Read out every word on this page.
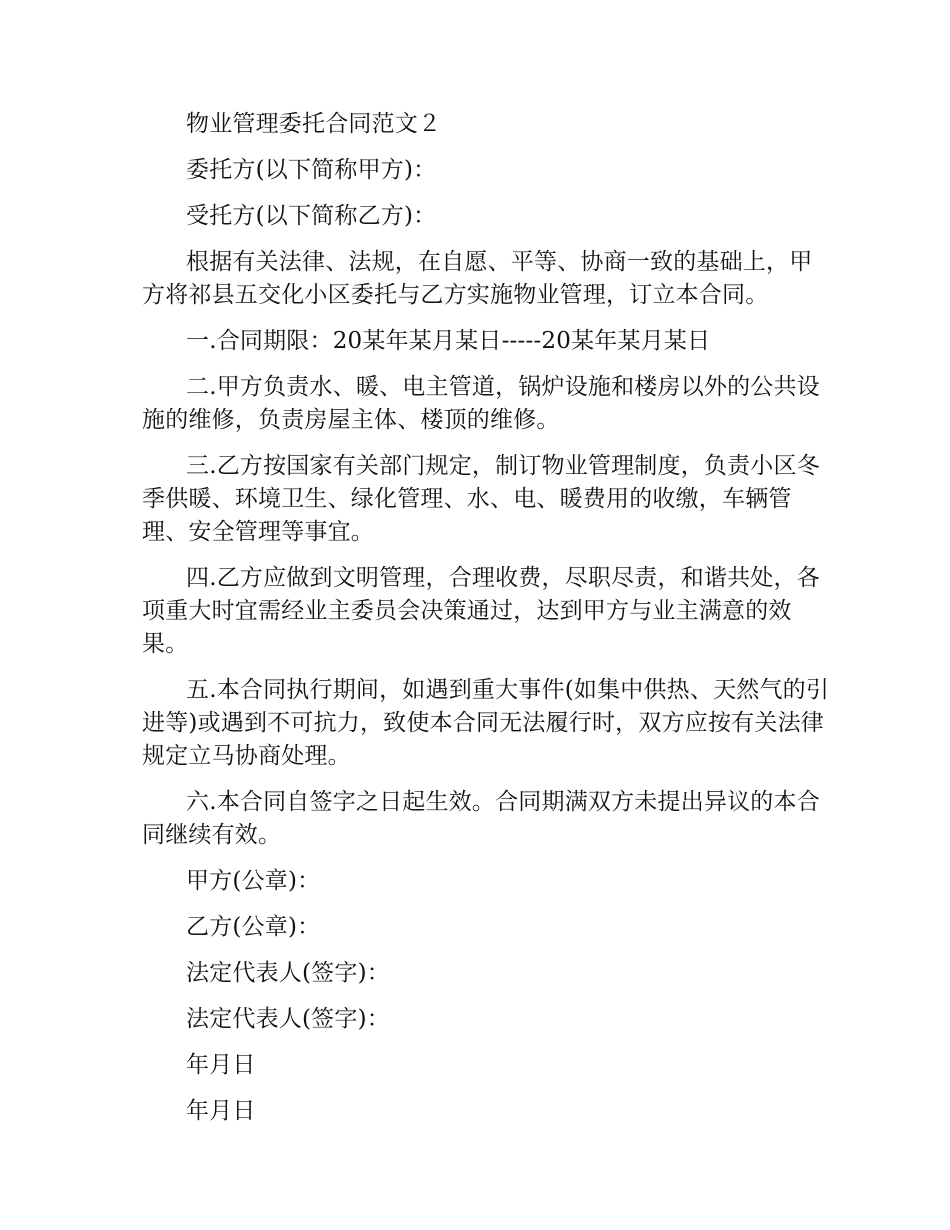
物业管理委托合同范文２

委托方(以下简称甲方)：

受托方(以下简称乙方)：

根据有关法律、法规，在自愿、平等、协商一致的基础上，甲方将祁县五交化小区委托与乙方实施物业管理，订立本合同。

一.合同期限：20某年某月某日-----20某年某月某日

二.甲方负责水、暖、电主管道，锅炉设施和楼房以外的公共设施的维修，负责房屋主体、楼顶的维修。

三.乙方按国家有关部门规定，制订物业管理制度，负责小区冬季供暖、环境卫生、绿化管理、水、电、暖费用的收缴，车辆管理、安全管理等事宜。

四.乙方应做到文明管理，合理收费，尽职尽责，和谐共处，各项重大时宜需经业主委员会决策通过，达到甲方与业主满意的效果。

五.本合同执行期间，如遇到重大事件(如集中供热、天然气的引进等)或遇到不可抗力，致使本合同无法履行时，双方应按有关法律规定立马协商处理。

六.本合同自签字之日起生效。合同期满双方未提出异议的本合同继续有效。

甲方(公章)：

乙方(公章)：

法定代表人(签字)：

法定代表人(签字)：

年月日

年月日
